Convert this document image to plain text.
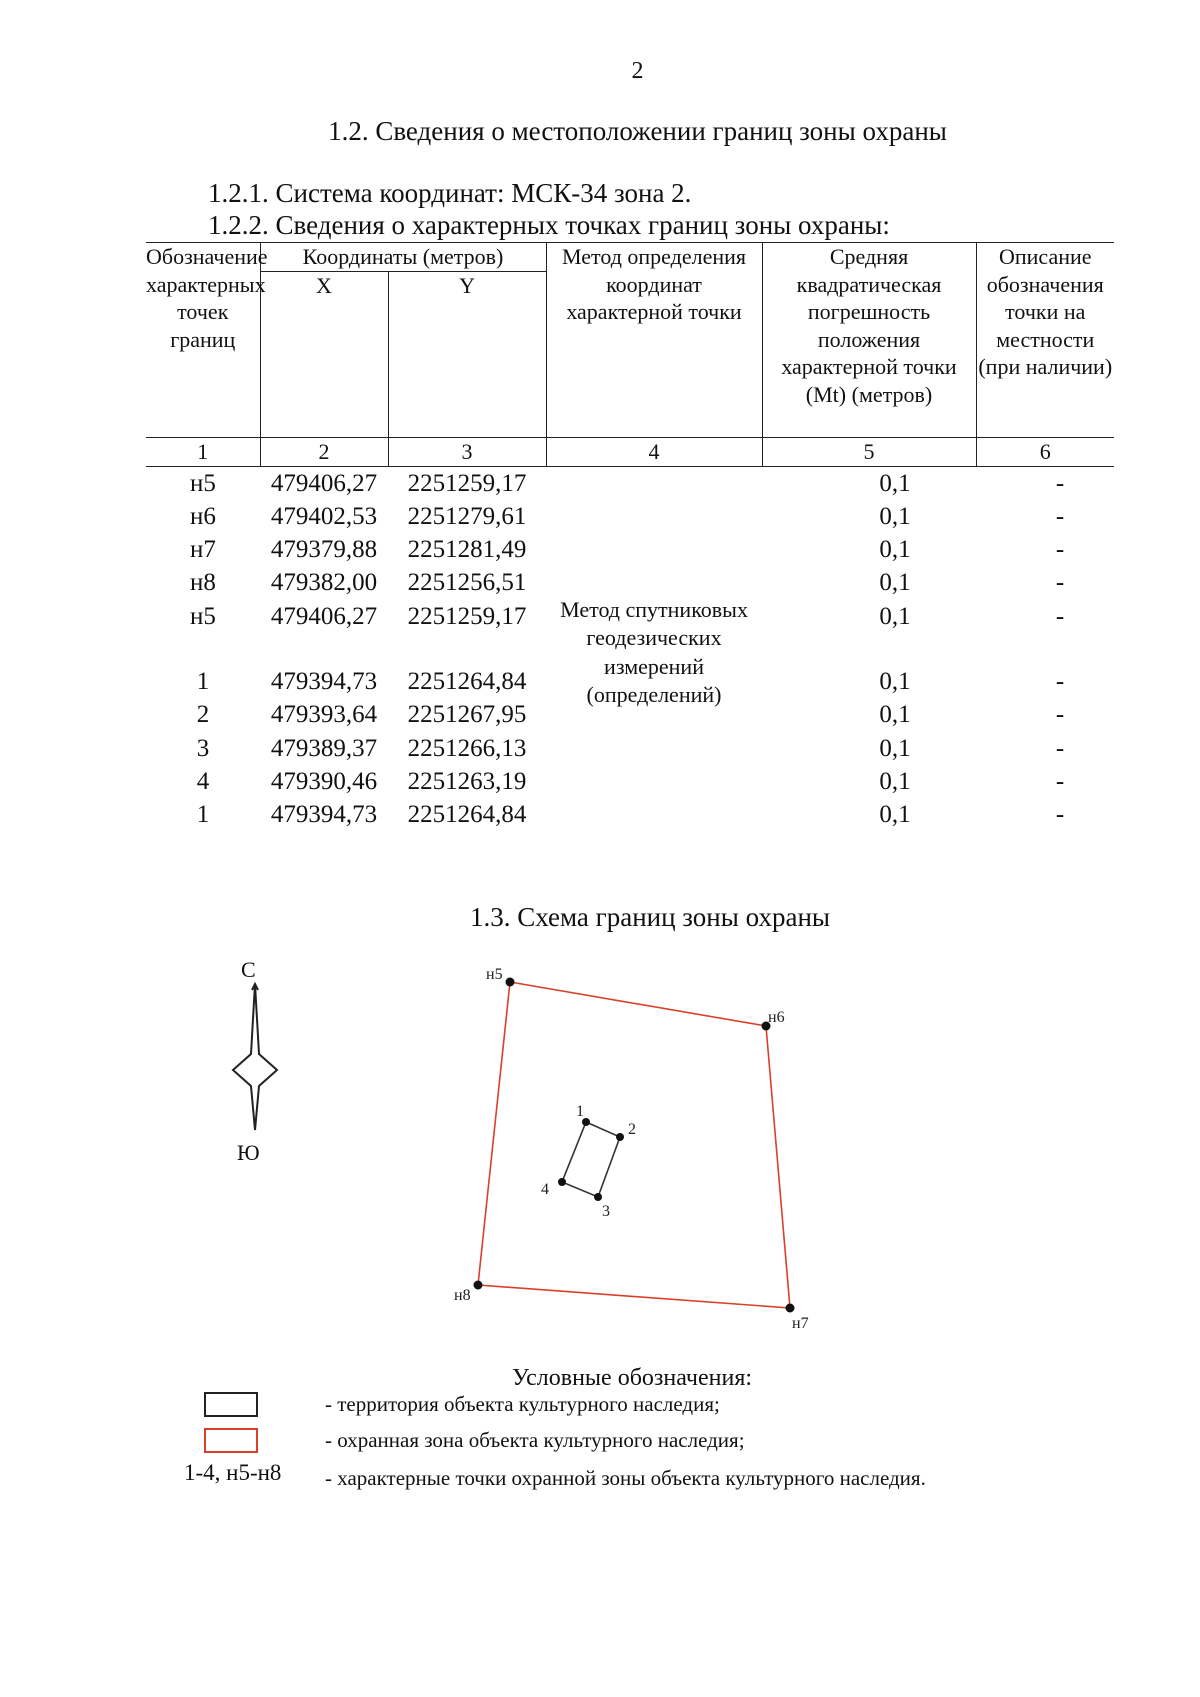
2
1.2. Сведения о местоположении границ зоны охраны
1.2.1. Система координат: МСК-34 зона 2.
1.2.2. Сведения о характерных точках границ зоны охраны:
Обозначение характерных точек границ	Координаты (метров)		Метод определения координат характерной точки	Средняя квадратическая погрешность положения характерной точки (Mt) (метров)	Описание обозначения точки на местности (при наличии)
	X	Y			
1	2	3	4	5	6
н5	479406,27	2251259,17	Метод спутниковых геодезических измерений (определений)	0,1	-
н6	479402,53	2251279,61		0,1	-
н7	479379,88	2251281,49		0,1	-
н8	479382,00	2251256,51		0,1	-
н5	479406,27	2251259,17		0,1	-

1	479394,73	2251264,84		0,1	-
2	479393,64	2251267,95		0,1	-
3	479389,37	2251266,13		0,1	-
4	479390,46	2251263,19		0,1	-
1	479394,73	2251264,84		0,1	-
1.3. Схема границ зоны охраны
С
Ю
н5
н6
н7
н8
1
2
3
4
Условные обозначения:
1-4, н5-н8
- территория объекта культурного наследия;
- охранная зона объекта культурного наследия;
- характерные точки охранной зоны объекта культурного наследия.
